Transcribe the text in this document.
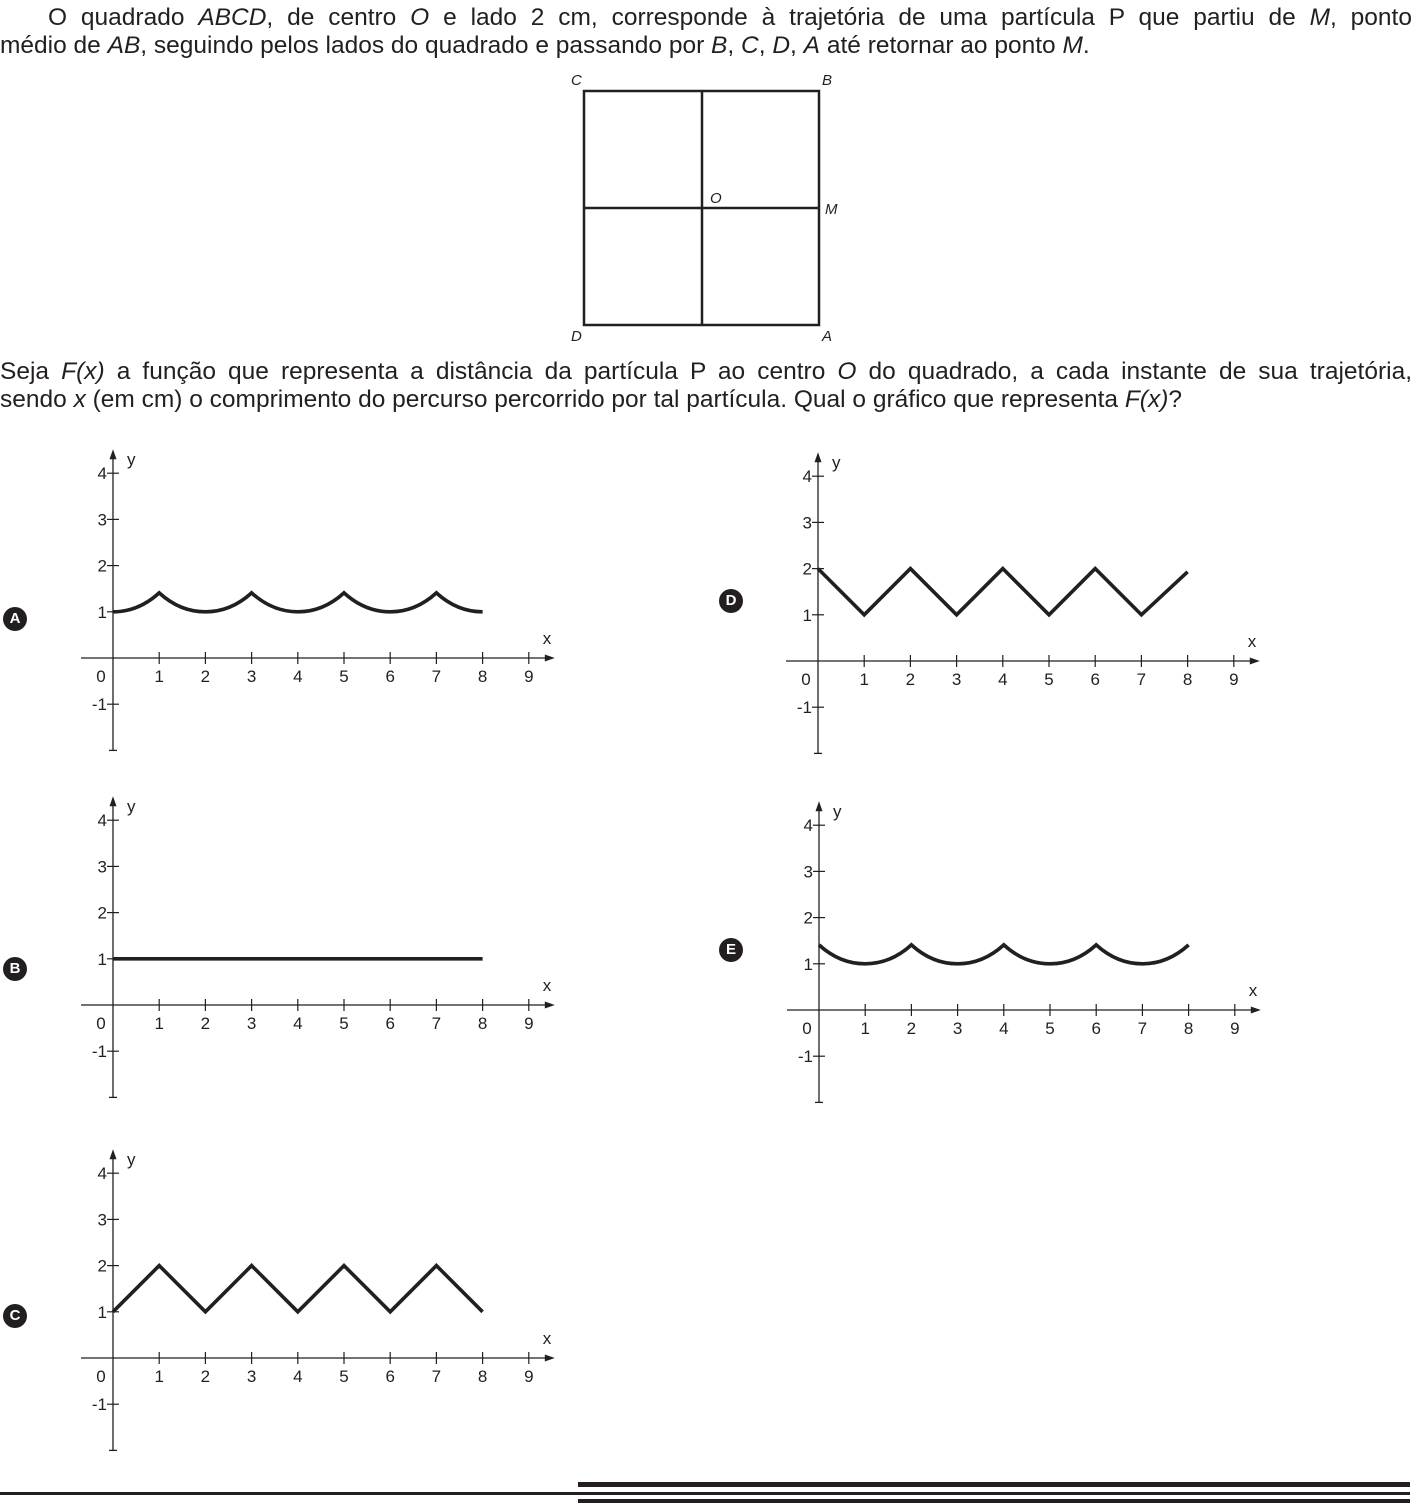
O quadrado ABCD, de centro O e lado 2 cm, corresponde à trajetória de uma partícula P que partiu de M, ponto
médio de AB, seguindo pelos lados do quadrado e passando por B, C, D, A até retornar ao ponto M.
C	B
D	A
O
M
Seja F(x) a função que representa a distância da partícula P ao centro O do quadrado, a cada instante de sua trajetória,
sendo x (em cm) o comprimento do percurso percorrido por tal partícula. Qual o gráfico que representa F(x)?
A
B
C
D
E
0	1 2 3 4 5 6 7 8 9
4
3
2
1
-1
x
y
0	1 2 3 4 5 6 7 8 9
4
3
2
1
-1
x
y
0	1 2 3 4 5 6 7 8 9
4
3
2
1
-1
x
y
0	1 2 3 4 5 6 7 8 9
4
3
2
1
-1
x
y
0	1 2 3 4 5 6 7 8 9
4
3
2
1
-1
x
y
